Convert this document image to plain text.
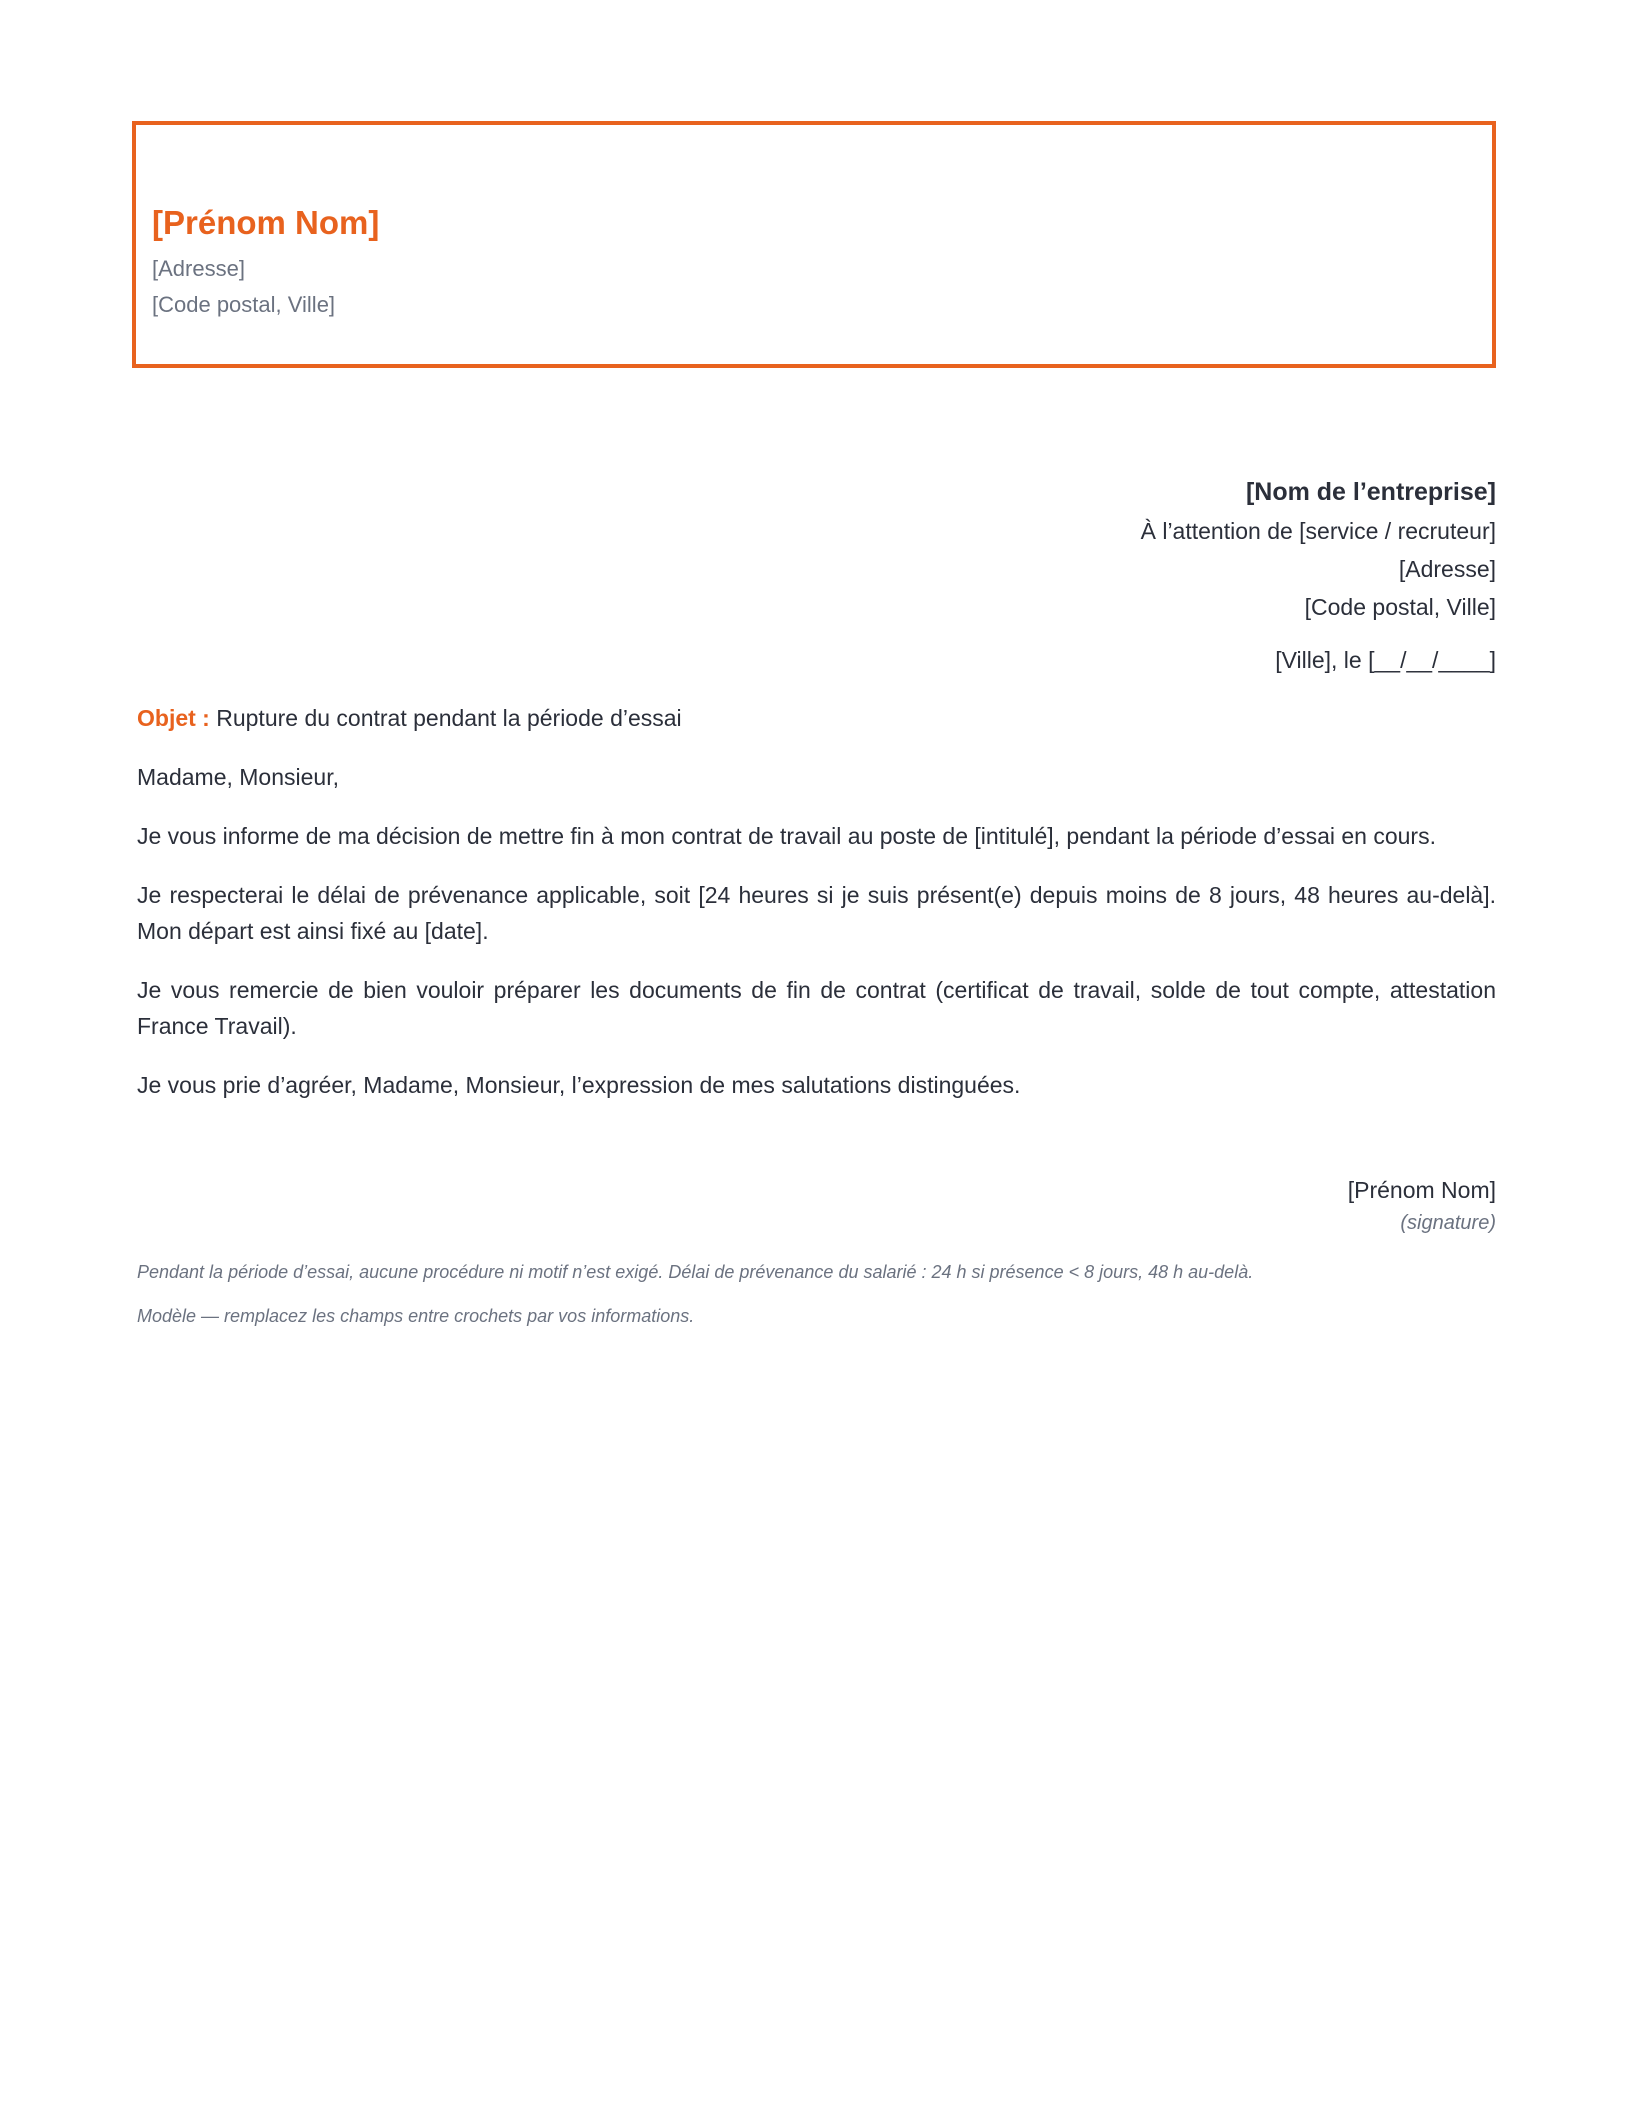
[Prénom Nom]
[Adresse]
[Code postal, Ville]
[Nom de l’entreprise]
À l’attention de [service / recruteur]
[Adresse]
[Code postal, Ville]
[Ville], le [__/__/____]

Objet : Rupture du contrat pendant la période d’essai

Madame, Monsieur,

Je vous informe de ma décision de mettre fin à mon contrat de travail au poste de [intitulé], pendant la période d’essai en cours.

Je respecterai le délai de prévenance applicable, soit [24 heures si je suis présent(e) depuis moins de 8 jours, 48 heures au-delà]. Mon départ est ainsi fixé au [date].

Je vous remercie de bien vouloir préparer les documents de fin de contrat (certificat de travail, solde de tout compte, attestation France Travail).

Je vous prie d’agréer, Madame, Monsieur, l’expression de mes salutations distinguées.

[Prénom Nom]
(signature)
Pendant la période d’essai, aucune procédure ni motif n’est exigé. Délai de prévenance du salarié : 24 h si présence < 8 jours, 48 h au-delà.
Modèle — remplacez les champs entre crochets par vos informations.
